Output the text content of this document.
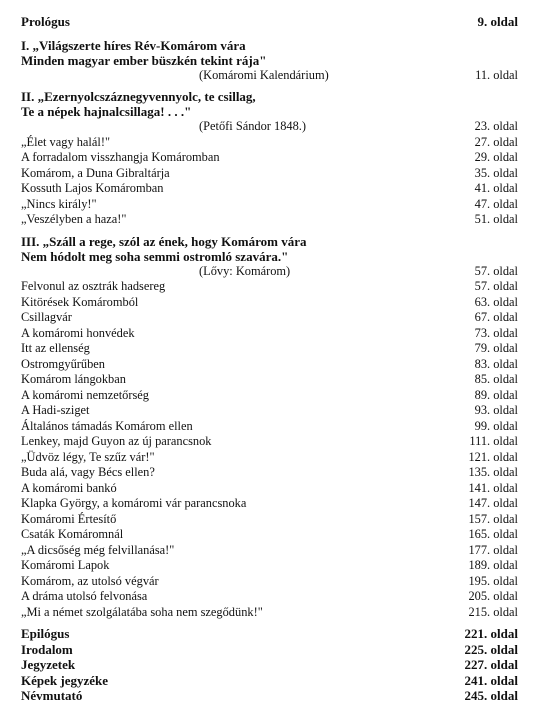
Prológus	9. oldal
I. „Világszerte híres Rév-Komárom vára
Minden magyar ember büszkén tekint rája"
(Komáromi Kalendárium)	11. oldal
II. „Ezernyolcszáznegyvennyolc, te csillag,
Te a népek hajnalcsillaga! . . ."
(Petőfi Sándor 1848.)	23. oldal
„Élet vagy halál!"	27. oldal
A forradalom visszhangja Komáromban	29. oldal
Komárom, a Duna Gibraltárja	35. oldal
Kossuth Lajos Komáromban	41. oldal
„Nincs király!"	47. oldal
„Veszélyben a haza!"	51. oldal
III. „Száll a rege, szól az ének, hogy Komárom vára
Nem hódolt meg soha semmi ostromló szavára."
(Lővy: Komárom)	57. oldal
Felvonul az osztrák hadsereg	57. oldal
Kitörések Komáromból	63. oldal
Csillagvár	67. oldal
A komáromi honvédek	73. oldal
Itt az ellenség	79. oldal
Ostromgyűrűben	83. oldal
Komárom lángokban	85. oldal
A komáromi nemzetőrség	89. oldal
A Hadi-sziget	93. oldal
Általános támadás Komárom ellen	99. oldal
Lenkey, majd Guyon az új parancsnok	111. oldal
„Üdvöz légy, Te szűz vár!"	121. oldal
Buda alá, vagy Bécs ellen?	135. oldal
A komáromi bankó	141. oldal
Klapka György, a komáromi vár parancsnoka	147. oldal
Komáromi Értesítő	157. oldal
Csaták Komáromnál	165. oldal
„A dicsőség még felvillanása!"	177. oldal
Komáromi Lapok	189. oldal
Komárom, az utolsó végvár	195. oldal
A dráma utolsó felvonása	205. oldal
„Mi a német szolgálatába soha nem szegődünk!"	215. oldal
Epilógus	221. oldal
Irodalom	225. oldal
Jegyzetek	227. oldal
Képek jegyzéke	241. oldal
Névmutató	245. oldal
